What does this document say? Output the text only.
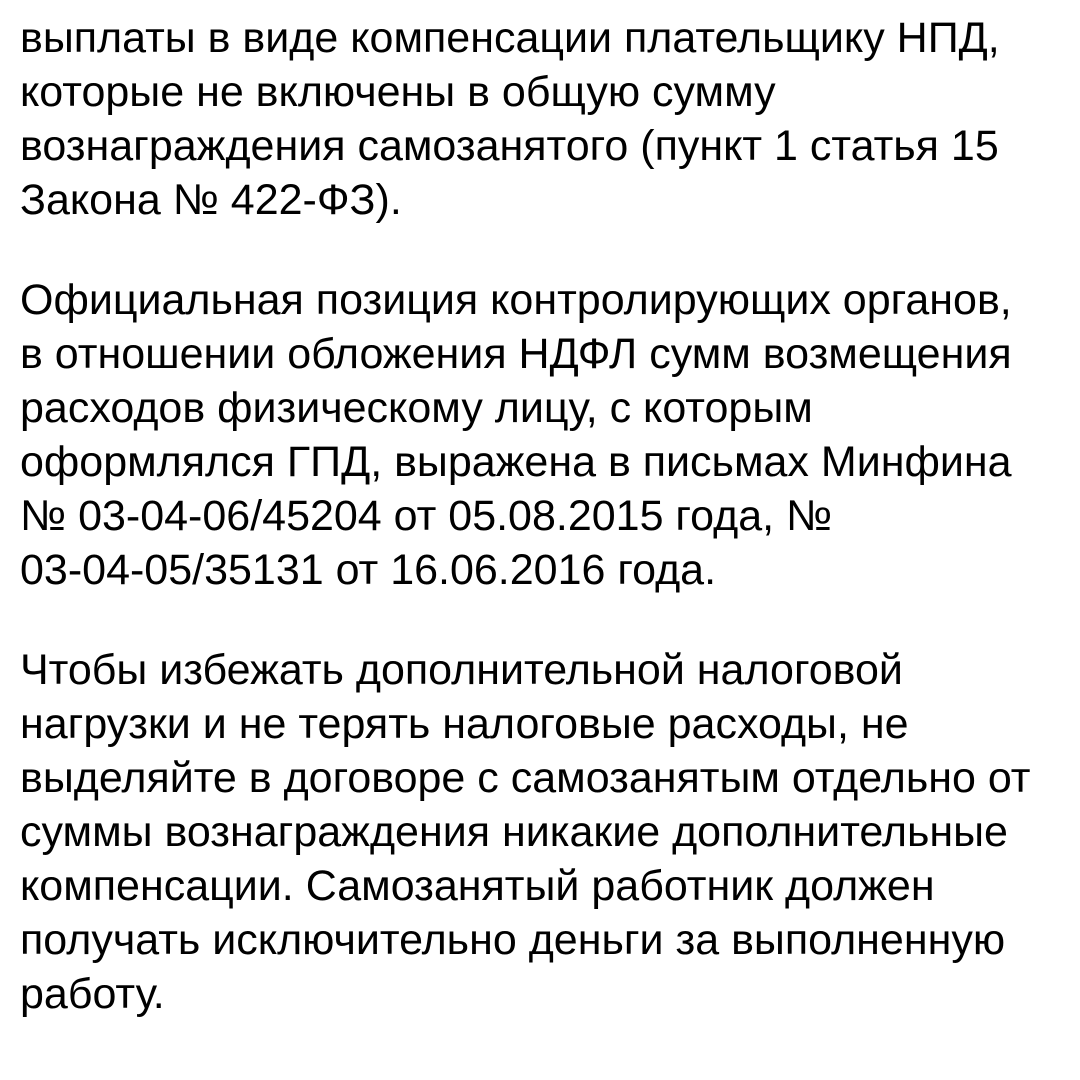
выплаты в виде компенсации плательщику НПД,
которые не включены в общую сумму
вознаграждения самозанятого (пункт 1 статья 15
Закона № 422-ФЗ).
Официальная позиция контролирующих органов,
в отношении обложения НДФЛ сумм возмещения
расходов физическому лицу, с которым
оформлялся ГПД, выражена в письмах Минфина
№ 03-04-06/45204 от 05.08.2015 года, №
03-04-05/35131 от 16.06.2016 года.
Чтобы избежать дополнительной налоговой
нагрузки и не терять налоговые расходы, не
выделяйте в договоре с самозанятым отдельно от
суммы вознаграждения никакие дополнительные
компенсации. Самозанятый работник должен
получать исключительно деньги за выполненную
работу.
